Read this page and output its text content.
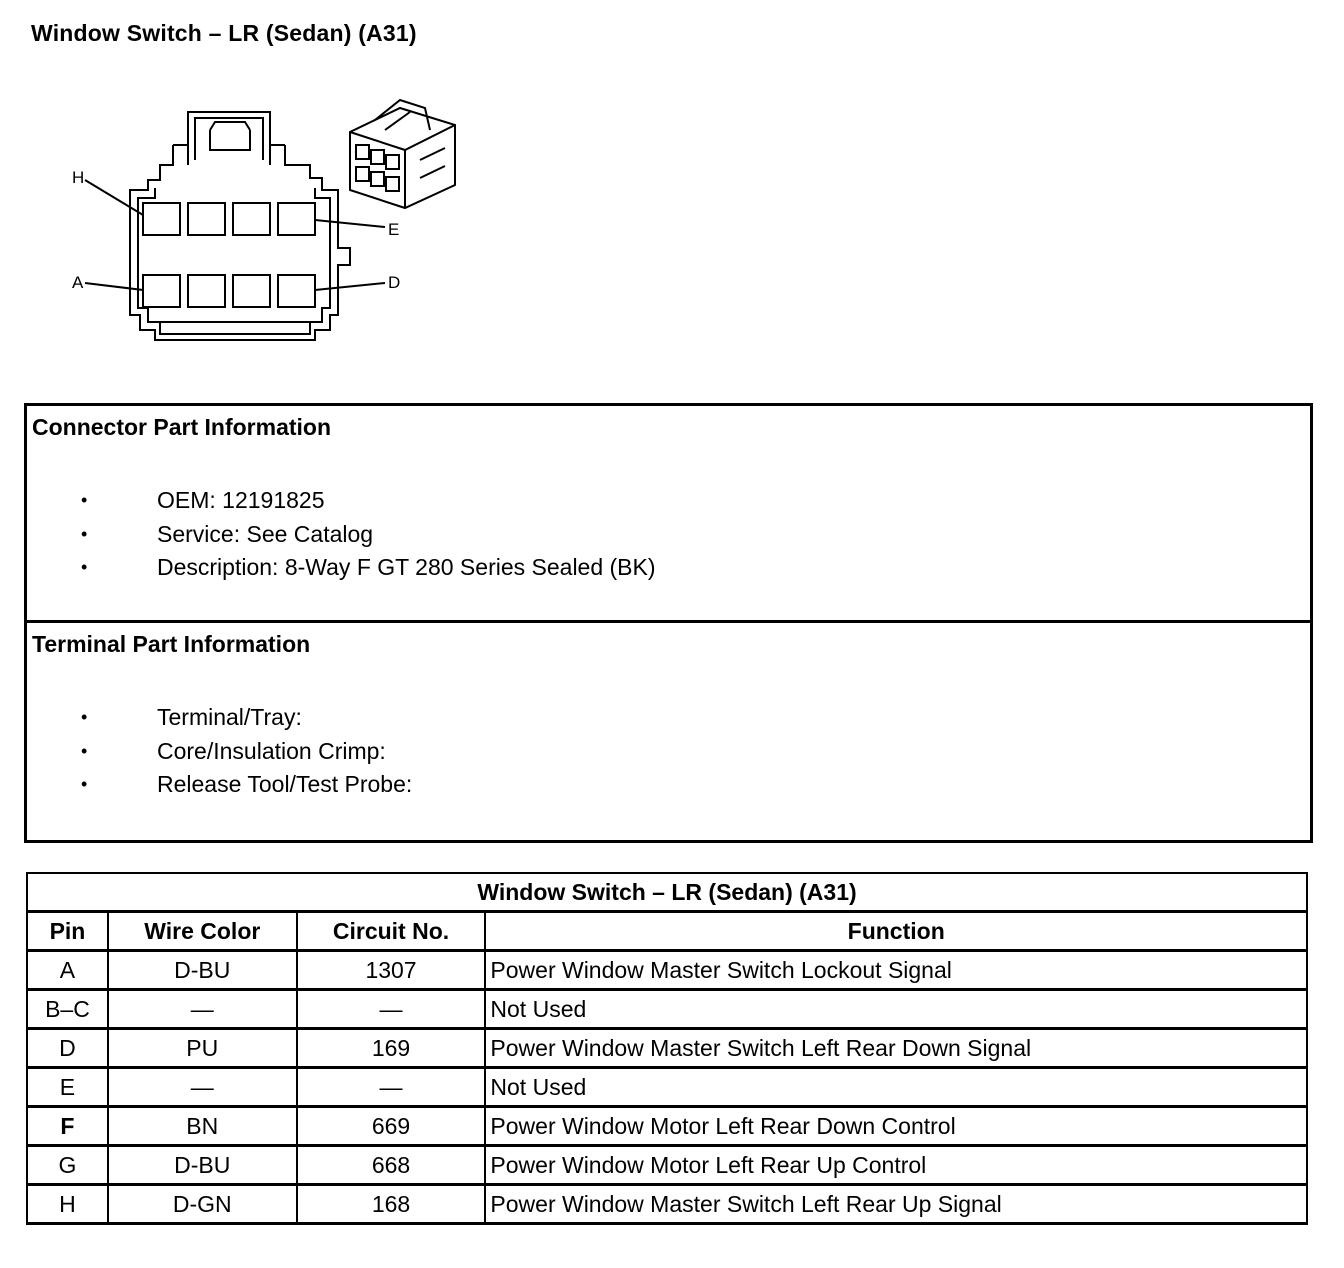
Window Switch – LR (Sedan) (A31)
H
E
A	D
Connector Part Information
•	OEM: 12191825
•	Service: See Catalog
•	Description: 8-Way F GT 280 Series Sealed (BK)
Terminal Part Information
•	Terminal/Tray:
•	Core/Insulation Crimp:
•	Release Tool/Test Probe:
Window Switch – LR (Sedan) (A31)			
Pin	Wire Color	Circuit No.	Function
A	D-BU	1307	Power Window Master Switch Lockout Signal
B–C	—	—	Not Used
D	PU	169	Power Window Master Switch Left Rear Down Signal
E	—	—	Not Used
F	BN	669	Power Window Motor Left Rear Down Control
G	D-BU	668	Power Window Motor Left Rear Up Control
H	D-GN	168	Power Window Master Switch Left Rear Up Signal
